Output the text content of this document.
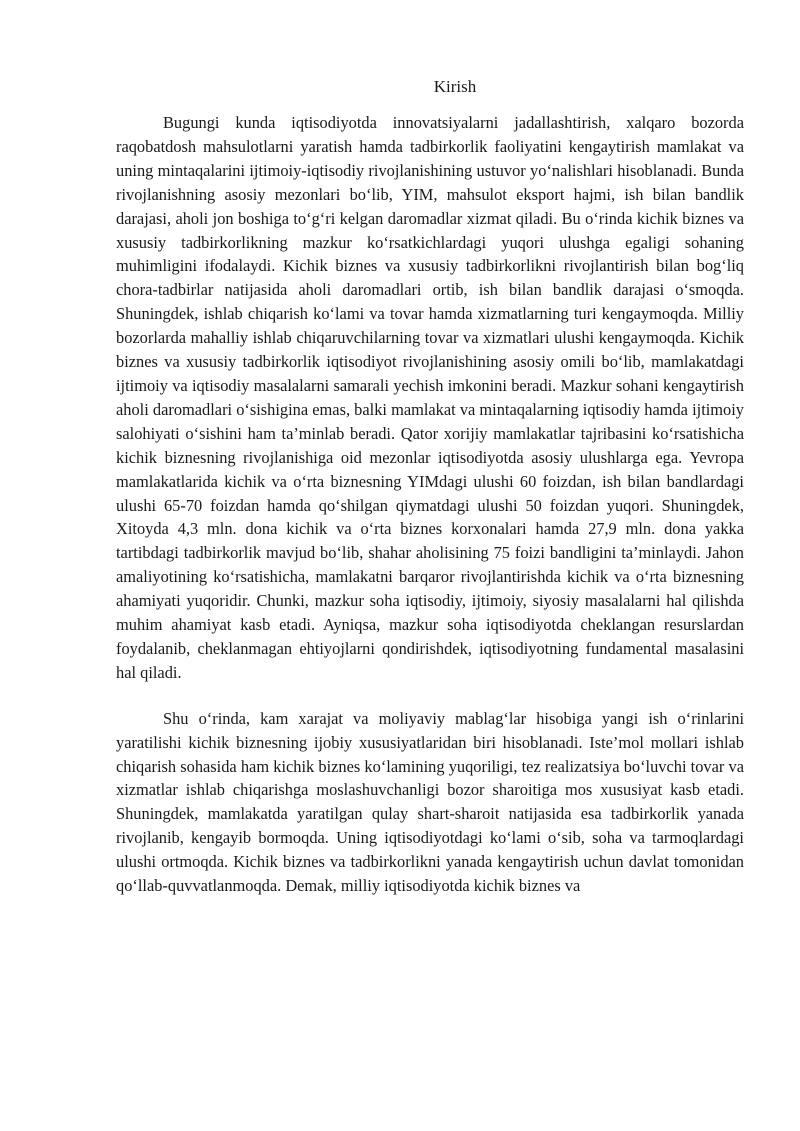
Kirish

Bugungi kunda iqtisodiyotda innovatsiyalarni jadallashtirish, xalqaro bozorda raqobatdosh mahsulotlarni yaratish hamda tadbirkorlik faoliyatini kengaytirish mamlakat va uning mintaqalarini ijtimoiy-iqtisodiy rivojlanishining ustuvor yo‘nalishlari hisoblanadi. Bunda rivojlanishning asosiy mezonlari bo‘lib, YIM, mahsulot eksport hajmi, ish bilan bandlik darajasi, aholi jon boshiga to‘g‘ri kelgan daromadlar xizmat qiladi. Bu o‘rinda kichik biznes va xususiy tadbirkorlikning mazkur ko‘rsatkichlardagi yuqori ulushga egaligi sohaning muhimligini ifodalaydi. Kichik biznes va xususiy tadbirkorlikni rivojlantirish bilan bog‘liq chora-tadbirlar natijasida aholi daromadlari ortib, ish bilan bandlik darajasi o‘smoqda. Shuningdek, ishlab chiqarish ko‘lami va tovar hamda xizmatlarning turi kengaymoqda. Milliy bozorlarda mahalliy ishlab chiqaruvchilarning tovar va xizmatlari ulushi kengaymoqda. Kichik biznes va xususiy tadbirkorlik iqtisodiyot rivojlanishining asosiy omili bo‘lib, mamlakatdagi ijtimoiy va iqtisodiy masalalarni samarali yechish imkonini beradi. Mazkur sohani kengaytirish aholi daromadlari o‘sishigina emas, balki mamlakat va mintaqalarning iqtisodiy hamda ijtimoiy salohiyati o‘sishini ham ta’minlab beradi. Qator xorijiy mamlakatlar tajribasini ko‘rsatishicha kichik biznesning rivojlanishiga oid mezonlar iqtisodiyotda asosiy ulushlarga ega. Yevropa mamlakatlarida kichik va o‘rta biznesning YIMdagi ulushi 60 foizdan, ish bilan bandlardagi ulushi 65-70 foizdan hamda qo‘shilgan qiymatdagi ulushi 50 foizdan yuqori. Shuningdek, Xitoyda 4,3 mln. dona kichik va o‘rta biznes korxonalari hamda 27,9 mln. dona yakka tartibdagi tadbirkorlik mavjud bo‘lib, shahar aholisining 75 foizi bandligini ta’minlaydi. Jahon amaliyotining ko‘rsatishicha, mamlakatni barqaror rivojlantirishda kichik va o‘rta biznesning ahamiyati yuqoridir. Chunki, mazkur soha iqtisodiy, ijtimoiy, siyosiy masalalarni hal qilishda muhim ahamiyat kasb etadi. Ayniqsa, mazkur soha iqtisodiyotda cheklangan resurslardan foydalanib, cheklanmagan ehtiyojlarni qondirishdek, iqtisodiyotning fundamental masalasini hal qiladi.

Shu o‘rinda, kam xarajat va moliyaviy mablag‘lar hisobiga yangi ish o‘rinlarini yaratilishi kichik biznesning ijobiy xususiyatlaridan biri hisoblanadi. Iste’mol mollari ishlab chiqarish sohasida ham kichik biznes ko‘lamining yuqoriligi, tez realizatsiya bo‘luvchi tovar va xizmatlar ishlab chiqarishga moslashuvchanligi bozor sharoitiga mos xususiyat kasb etadi. Shuningdek, mamlakatda yaratilgan qulay shart-sharoit natijasida esa tadbirkorlik yanada rivojlanib, kengayib bormoqda. Uning iqtisodiyotdagi ko‘lami o‘sib, soha va tarmoqlardagi ulushi ortmoqda. Kichik biznes va tadbirkorlikni yanada kengaytirish uchun davlat tomonidan qo‘llab-quvvatlanmoqda. Demak, milliy iqtisodiyotda kichik biznes va
